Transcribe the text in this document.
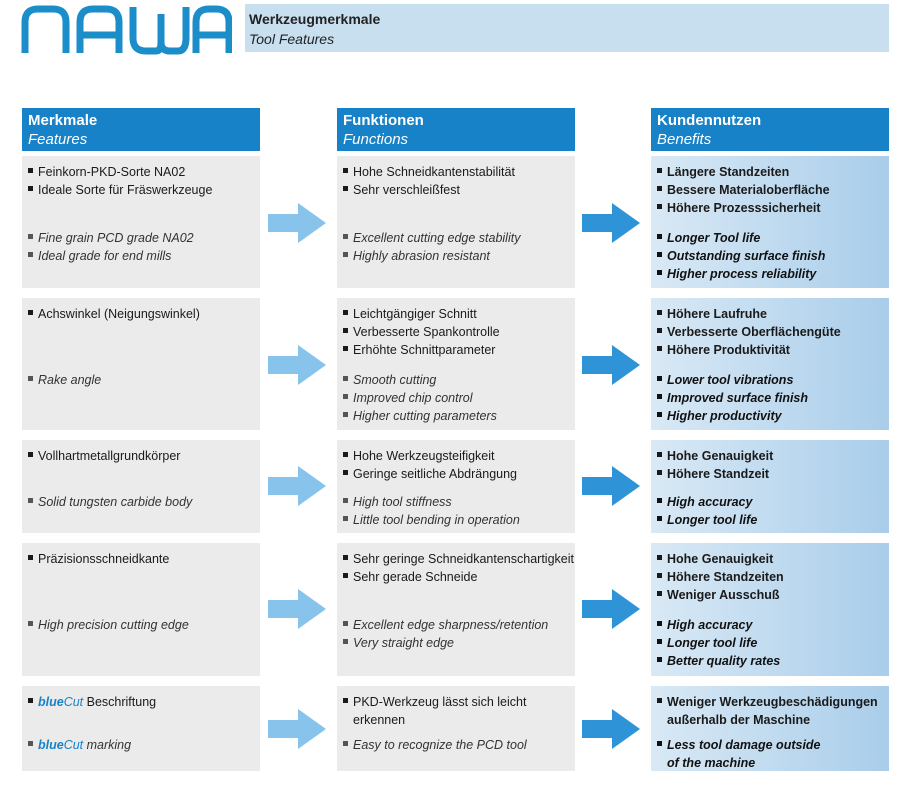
Werkzeugmerkmale
Tool Features
Merkmale
Features
Funktionen
Functions
Kundennutzen
Benefits
Feinkorn-PKD-Sorte NA02
Ideale Sorte für Fräswerkzeuge
Fine grain PCD grade NA02
Ideal grade for end mills
Hohe Schneidkantenstabilität
Sehr verschleißfest
Excellent cutting edge stability
Highly abrasion resistant
Längere Standzeiten
Bessere Materialoberfläche
Höhere Prozesssicherheit
Longer Tool life
Outstanding surface finish
Higher process reliability
Achswinkel (Neigungswinkel)
Rake angle
Leichtgängiger Schnitt
Verbesserte Spankontrolle
Erhöhte Schnittparameter
Smooth cutting
Improved chip control
Higher cutting parameters
Höhere Laufruhe
Verbesserte Oberflächengüte
Höhere Produktivität
Lower tool vibrations
Improved surface finish
Higher productivity
Vollhartmetallgrundkörper
Solid tungsten carbide body
Hohe Werkzeugsteifigkeit
Geringe seitliche Abdrängung
High tool stiffness
Little tool bending in operation
Hohe Genauigkeit
Höhere Standzeit
High accuracy
Longer tool life
Präzisionsschneidkante
High precision cutting edge
Sehr geringe Schneidkantenschartigkeit
Sehr gerade Schneide
Excellent edge sharpness/retention
Very straight edge
Hohe Genauigkeit
Höhere Standzeiten
Weniger Ausschuß
High accuracy
Longer tool life
Better quality rates
blueCut Beschriftung
blueCut marking
PKD-Werkzeug lässt sich leicht
erkennen
Easy to recognize the PCD tool
Weniger Werkzeugbeschädigungen
außerhalb der Maschine
Less tool damage outside
of the machine
